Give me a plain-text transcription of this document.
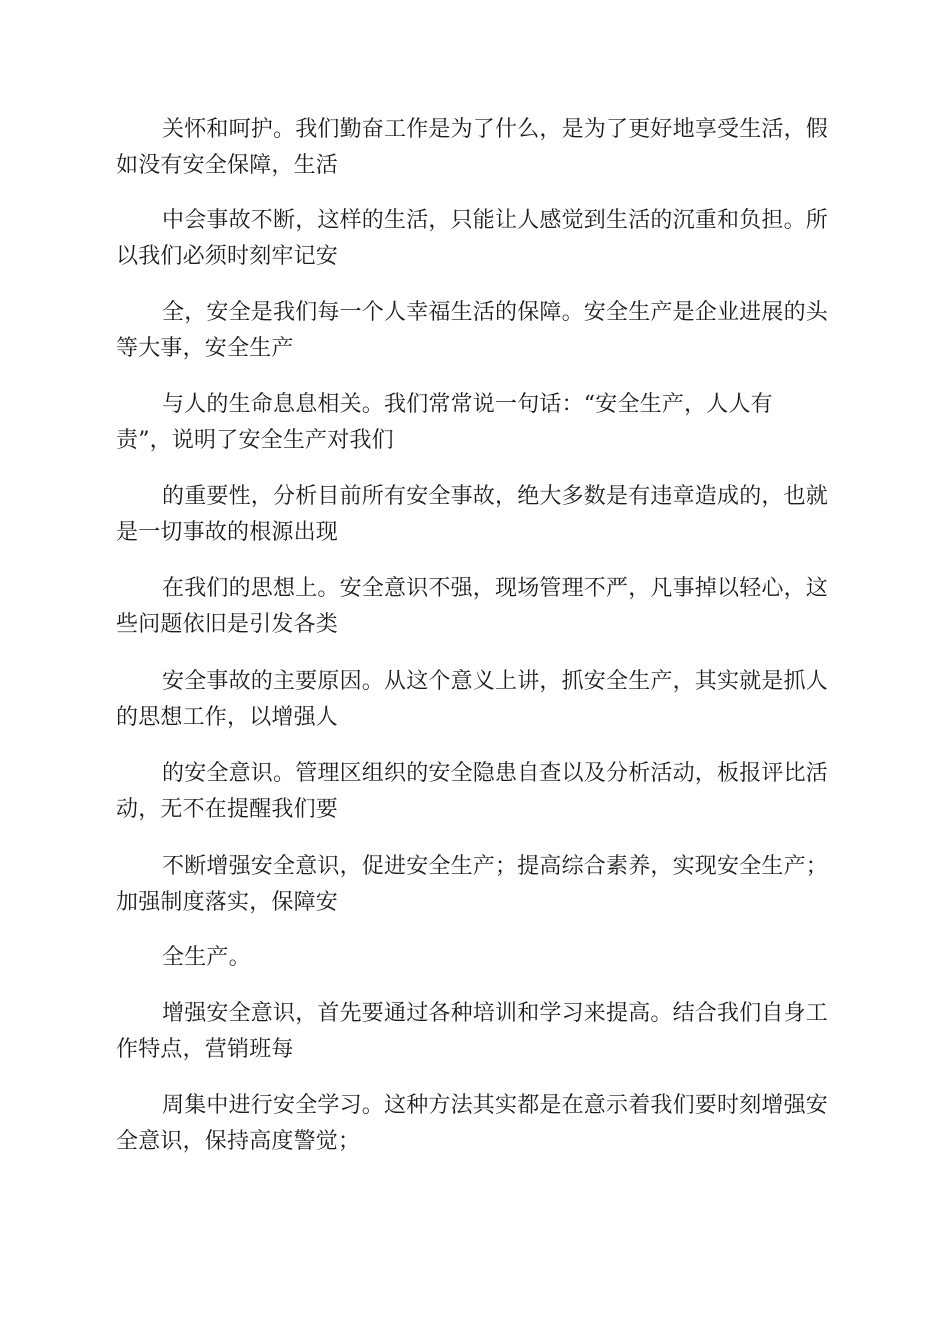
关怀和呵护。我们勤奋工作是为了什么，是为了更好地享受生活，假
如没有安全保障，生活
中会事故不断，这样的生活，只能让人感觉到生活的沉重和负担。所
以我们必须时刻牢记安
全，安全是我们每一个人幸福生活的保障。安全生产是企业进展的头
等大事，安全生产
与人的生命息息相关。我们常常说一句话：“安全生产，人人有
责”，说明了安全生产对我们
的重要性，分析目前所有安全事故，绝大多数是有违章造成的，也就
是一切事故的根源出现
在我们的思想上。安全意识不强，现场管理不严，凡事掉以轻心，这
些问题依旧是引发各类
安全事故的主要原因。从这个意义上讲，抓安全生产，其实就是抓人
的思想工作，以增强人
的安全意识。管理区组织的安全隐患自查以及分析活动，板报评比活
动，无不在提醒我们要
不断增强安全意识，促进安全生产；提高综合素养，实现安全生产；
加强制度落实，保障安
全生产。
增强安全意识，首先要通过各种培训和学习来提高。结合我们自身工
作特点，营销班每
周集中进行安全学习。这种方法其实都是在意示着我们要时刻增强安
全意识，保持高度警觉；
